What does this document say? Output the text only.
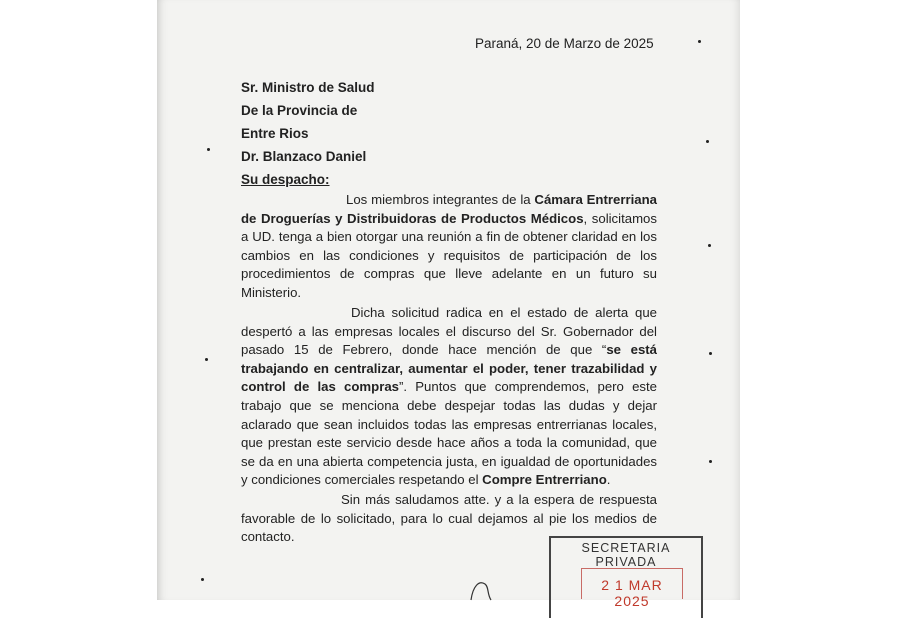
Paraná, 20 de Marzo de 2025
Sr. Ministro de Salud
De la Provincia de
Entre Rios
Dr. Blanzaco Daniel
Su despacho:
Los miembros integrantes de la Cámara Entrerriana de Droguerías y Distribuidoras de Productos Médicos, solicitamos a UD. tenga a bien otorgar una reunión a fin de obtener claridad en los cambios en las condiciones y requisitos de participación de los procedimientos de compras que lleve adelante en un futuro su Ministerio.
Dicha solicitud radica en el estado de alerta que despertó a las empresas locales el discurso del Sr. Gobernador del pasado 15 de Febrero, donde hace mención de que “se está trabajando en centralizar, aumentar el poder, tener trazabilidad y control de las compras”. Puntos que comprendemos, pero este trabajo que se menciona debe despejar todas las dudas y dejar aclarado que sean incluidos todas las empresas entrerrianas locales, que prestan este servicio desde hace años a toda la comunidad, que se da en una abierta competencia justa, en igualdad de oportunidades y condiciones comerciales respetando el Compre Entrerriano.
Sin más saludamos atte. y a la espera de respuesta favorable de lo solicitado, para lo cual dejamos al pie los medios de contacto.
SECRETARIA PRIVADA
2 1 MAR 2025
